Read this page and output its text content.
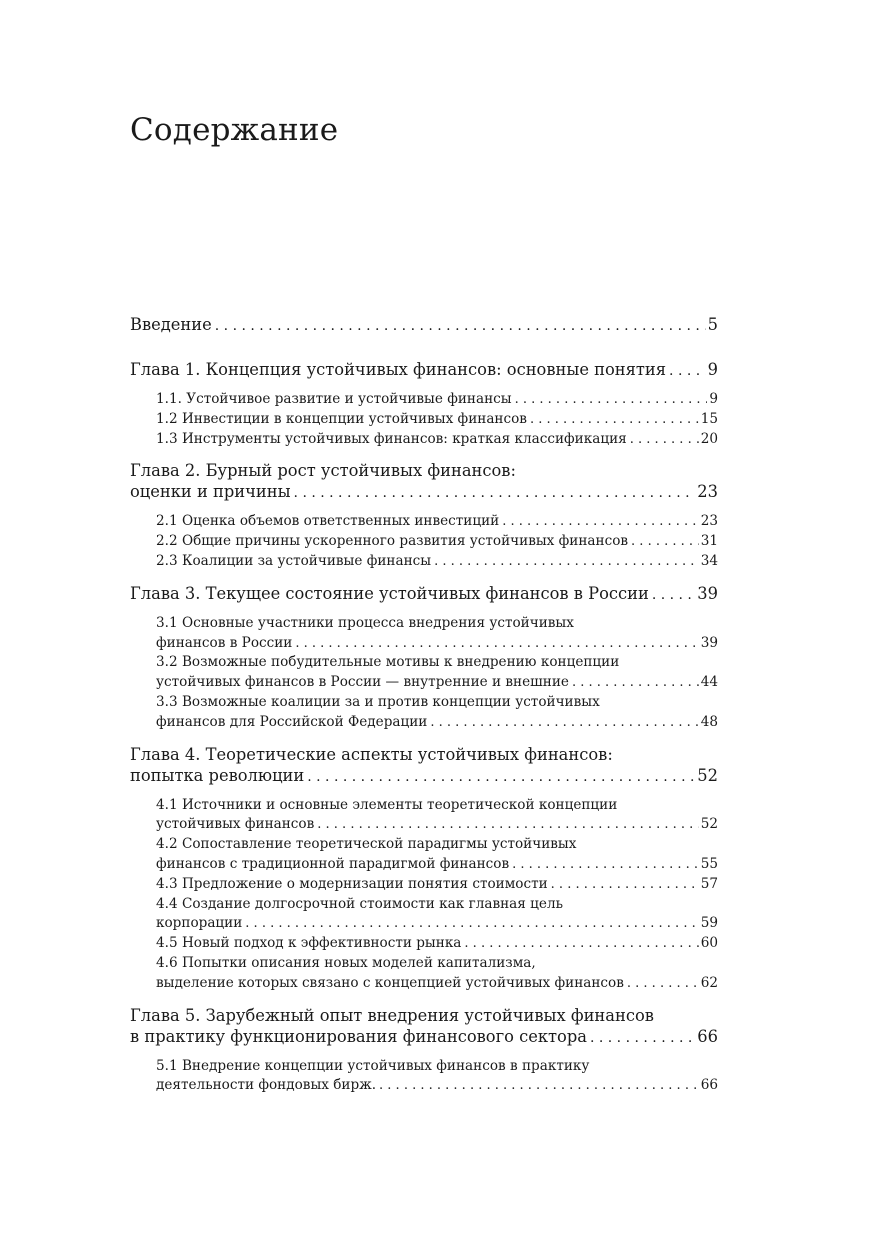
Содержание
Введение . . .	5
Глава 1. Концепция устойчивых финансов: основные понятия . . .	9
1.1. Устойчивое развитие и устойчивые финансы . . .	9
1.2 Инвестиции в концепции устойчивых финансов . . .	15
1.3 Инструменты устойчивых финансов: краткая классификация . . .	20
Глава 2. Бурный рост устойчивых финансов:
оценки и причины . . .	23
2.1 Оценка объемов ответственных инвестиций . . .	23
2.2 Общие причины ускоренного развития устойчивых финансов . . .	31
2.3 Коалиции за устойчивые финансы . . .	34
Глава 3. Текущее состояние устойчивых финансов в России . . .	39
3.1 Основные участники процесса внедрения устойчивых
финансов в России . . .	39
3.2 Возможные побудительные мотивы к внедрению концепции
устойчивых финансов в России — внутренние и внешние . . .	44
3.3 Возможные коалиции за и против концепции устойчивых
финансов для Российской Федерации . . .	48
Глава 4. Теоретические аспекты устойчивых финансов:
попытка революции . . .	52
4.1 Источники и основные элементы теоретической концепции
устойчивых финансов . . .	52
4.2 Сопоставление теоретической парадигмы устойчивых
финансов с традиционной парадигмой финансов . . .	55
4.3 Предложение о модернизации понятия стоимости . . .	57
4.4 Создание долгосрочной стоимости как главная цель
корпорации . . .	59
4.5 Новый подход к эффективности рынка . . .	60
4.6 Попытки описания новых моделей капитализма,
выделение которых связано с концепцией устойчивых финансов . . .	62
Глава 5. Зарубежный опыт внедрения устойчивых финансов
в практику функционирования финансового сектора . . .	66
5.1 Внедрение концепции устойчивых финансов в практику
деятельности фондовых бирж. . . .	66
